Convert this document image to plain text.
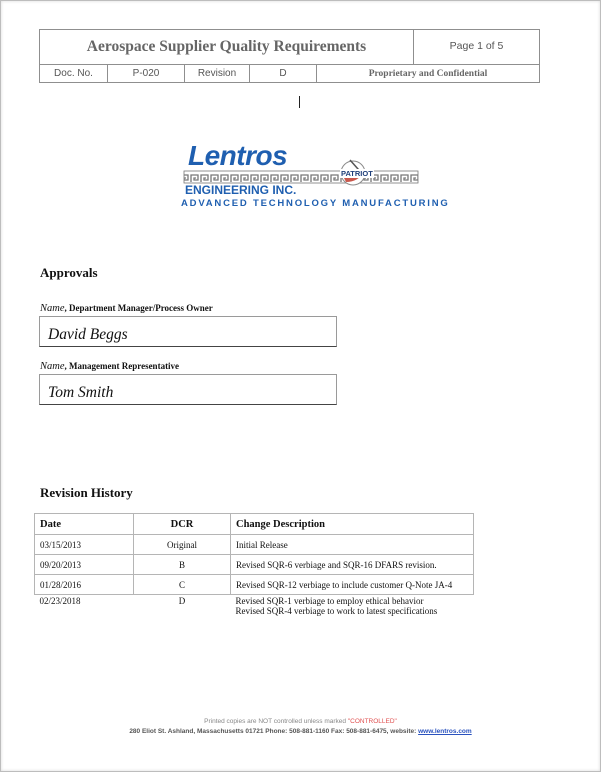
Aerospace Supplier Quality Requirements	Page 1 of 5
Doc. No.	P-020	Revision	D	Proprietary and Confidential
Lentros
PATRIOT
ENGINEERING INC.
ADVANCED TECHNOLOGY MANUFACTURING
Approvals
Name, Department Manager/Process Owner
David Beggs
Name, Management Representative
Tom Smith
Revision History
Date	DCR	Change Description
03/15/2013	Original	Initial Release
09/20/2013	B	Revised SQR-6 verbiage and SQR-16 DFARS revision.
01/28/2016	C	Revised SQR-12 verbiage to include customer Q-Note JA-4
02/23/2018	D	Revised SQR-1 verbiage to employ ethical behavior
Revised SQR-4 verbiage to work to latest specifications
Printed copies are NOT controlled unless marked "CONTROLLED"
280 Eliot St. Ashland, Massachusetts 01721 Phone: 508-881-1160 Fax: 508-881-6475, website: www.lentros.com
